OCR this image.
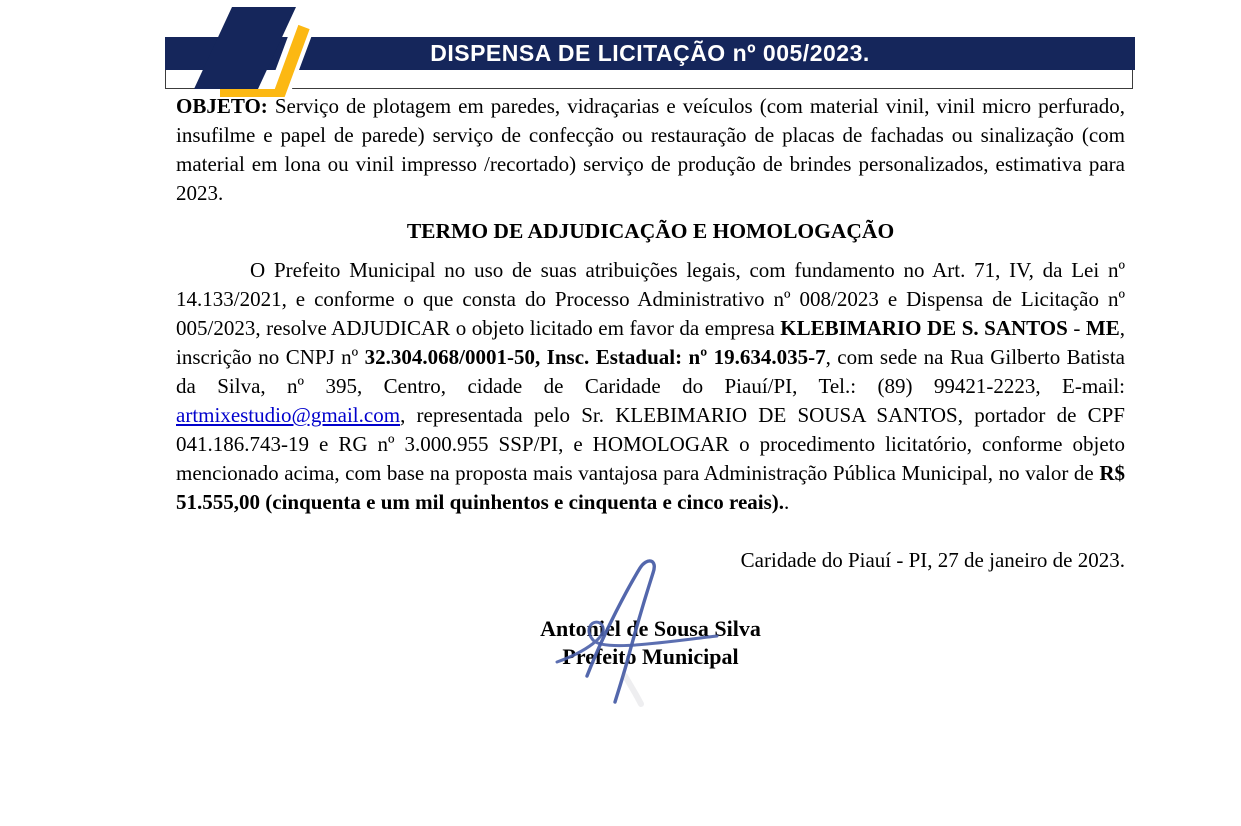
DISPENSA DE LICITAÇÃO nº 005/2023.

OBJETO: Serviço de plotagem em paredes, vidraçarias e veículos (com material vinil, vinil micro perfurado, insufilme e papel de parede) serviço de confecção ou restauração de placas de fachadas ou sinalização (com material em lona ou vinil impresso /recortado) serviço de produção de brindes personalizados, estimativa para 2023.

TERMO DE ADJUDICAÇÃO E HOMOLOGAÇÃO

O Prefeito Municipal no uso de suas atribuições legais, com fundamento no Art. 71, IV, da Lei nº 14.133/2021, e conforme o que consta do Processo Administrativo nº 008/2023 e Dispensa de Licitação nº 005/2023, resolve ADJUDICAR o objeto licitado em favor da empresa KLEBIMARIO DE S. SANTOS - ME, inscrição no CNPJ nº 32.304.068/0001-50, Insc. Estadual: nº 19.634.035-7, com sede na Rua Gilberto Batista da Silva, nº 395, Centro, cidade de Caridade do Piauí/PI, Tel.: (89) 99421-2223, E-mail: artmixestudio@gmail.com, representada pelo Sr. KLEBIMARIO DE SOUSA SANTOS, portador de CPF 041.186.743-19 e RG nº 3.000.955 SSP/PI, e HOMOLOGAR o procedimento licitatório, conforme objeto mencionado acima, com base na proposta mais vantajosa para Administração Pública Municipal, no valor de R$ 51.555,00 (cinquenta e um mil quinhentos e cinquenta e cinco reais)..

Caridade do Piauí - PI, 27 de janeiro de 2023.

Antoniel de Sousa Silva
Prefeito Municipal
